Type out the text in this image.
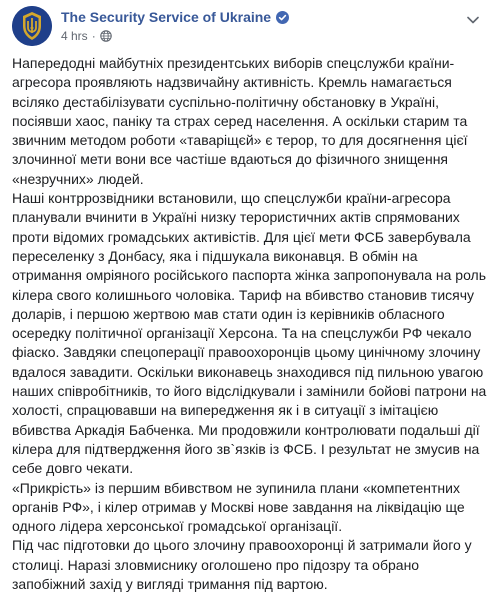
The Security Service of Ukraine
4 hrs ·

Напередодні майбутніх президентських виборів спецслужби країни-агресора проявляють надзвичайну активність. Кремль намагається всіляко дестабілізувати суспільно-політичну обстановку в Україні, посіявши хаос, паніку та страх серед населення. А оскільки старим та звичним методом роботи «таваріщєй» є терор, то для досягнення цієї злочинної мети вони все частіше вдаються до фізичного знищення «незручних» людей.

Наші контррозвідники встановили, що спецслужби країни-агресора планували вчинити в Україні низку терористичних актів спрямованих проти відомих громадських активістів. Для цієї мети ФСБ завербувала переселенку з Донбасу, яка і підшукала виконавця. В обмін на отримання омріяного російського паспорта жінка запропонувала на роль кілера свого колишнього чоловіка. Тариф на вбивство становив тисячу доларів, і першою жертвою мав стати один із керівників обласного осередку політичної організації Херсона. Та на спецслужби РФ чекало фіаско. Завдяки спецоперації правоохоронців цьому цинічному злочину вдалося завадити. Оскільки виконавець знаходився під пильною увагою наших співробітників, то його відслідкували і замінили бойові патрони на холості, спрацювавши на випередження як і в ситуації з імітацією вбивства Аркадія Бабченка. Ми продовжили контролювати подальші дії кілера для підтвердження його зв`язків із ФСБ. І результат не змусив на себе довго чекати.

«Прикрість» із першим вбивством не зупинила плани «компетентних органів РФ», і кілер отримав у Москві нове завдання на ліквідацію ще одного лідера херсонської громадської організації.

Під час підготовки до цього злочину правоохоронці й затримали його у столиці. Наразі зловмиснику оголошено про підозру та обрано запобіжний захід у вигляді тримання під вартою.
